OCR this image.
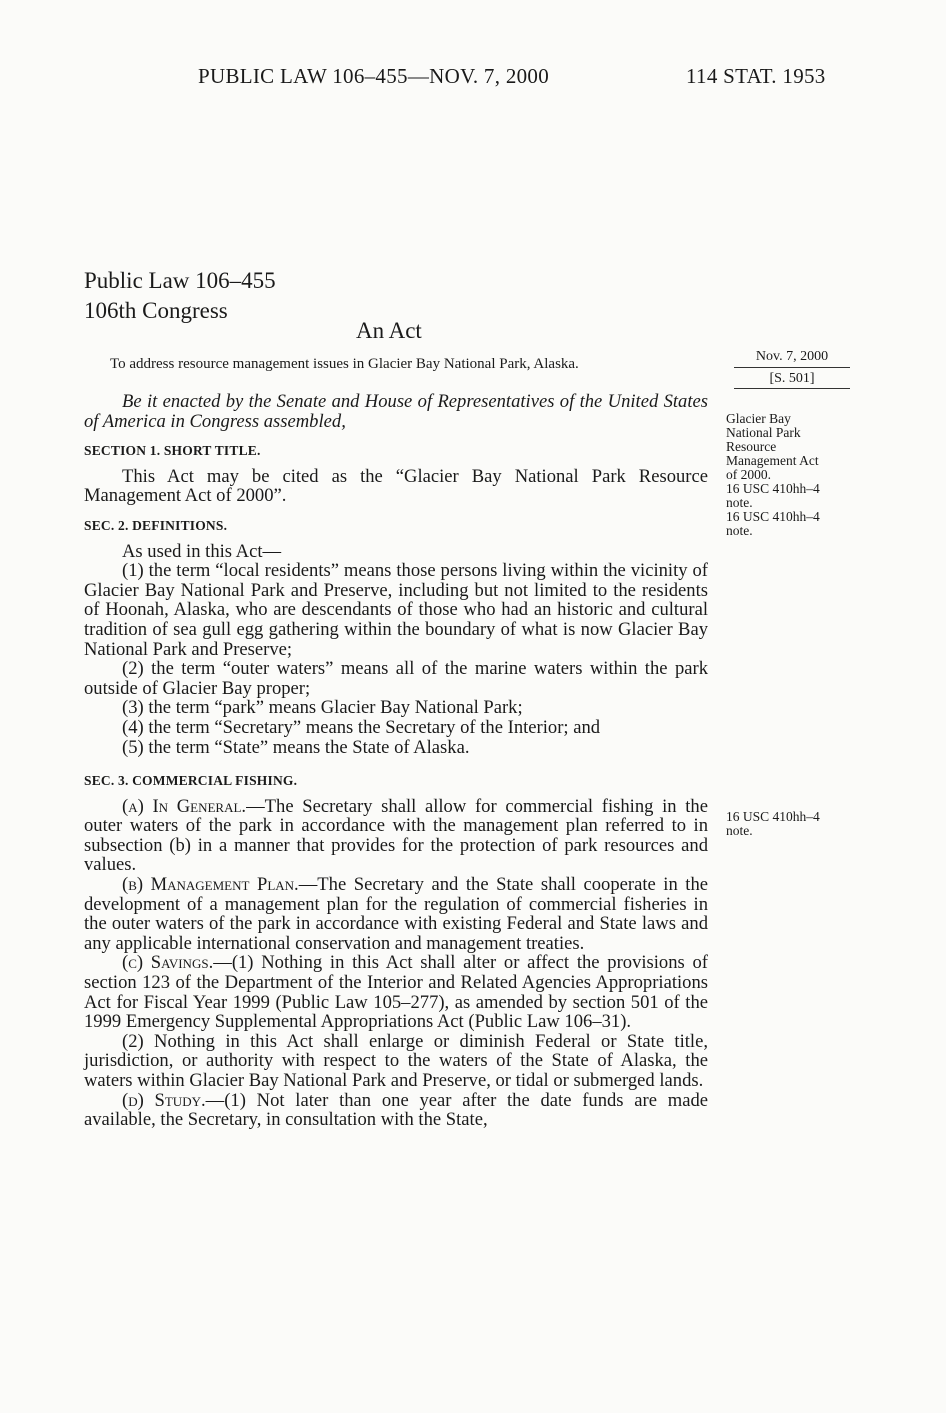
PUBLIC LAW 106–455—NOV. 7, 2000	114 STAT. 1953
Public Law 106–455
106th Congress
An Act
To address resource management issues in Glacier Bay National Park, Alaska.	Nov. 7, 2000
[S. 501]
Glacier Bay
National Park
Resource
Management Act
of 2000.
16 USC 410hh–4
note.
16 USC 410hh–4
note.
16 USC 410hh–4
note.

Be it enacted by the Senate and House of Representatives of the United States of America in Congress assembled,

SECTION 1. SHORT TITLE.

This Act may be cited as the “Glacier Bay National Park Resource Management Act of 2000”.

SEC. 2. DEFINITIONS.

As used in this Act—

(1) the term “local residents” means those persons living within the vicinity of Glacier Bay National Park and Preserve, including but not limited to the residents of Hoonah, Alaska, who are descendants of those who had an historic and cultural tradition of sea gull egg gathering within the boundary of what is now Glacier Bay National Park and Preserve;

(2) the term “outer waters” means all of the marine waters within the park outside of Glacier Bay proper;

(3) the term “park” means Glacier Bay National Park;

(4) the term “Secretary” means the Secretary of the Interior; and

(5) the term “State” means the State of Alaska.

SEC. 3. COMMERCIAL FISHING.

(a) In General.—The Secretary shall allow for commercial fishing in the outer waters of the park in accordance with the management plan referred to in subsection (b) in a manner that provides for the protection of park resources and values.

(b) Management Plan.—The Secretary and the State shall cooperate in the development of a management plan for the regulation of commercial fisheries in the outer waters of the park in accordance with existing Federal and State laws and any applicable international conservation and management treaties.

(c) Savings.—(1) Nothing in this Act shall alter or affect the provisions of section 123 of the Department of the Interior and Related Agencies Appropriations Act for Fiscal Year 1999 (Public Law 105–277), as amended by section 501 of the 1999 Emergency Supplemental Appropriations Act (Public Law 106–31).

(2) Nothing in this Act shall enlarge or diminish Federal or State title, jurisdiction, or authority with respect to the waters of the State of Alaska, the waters within Glacier Bay National Park and Preserve, or tidal or submerged lands.

(d) Study.—(1) Not later than one year after the date funds are made available, the Secretary, in consultation with the State,
